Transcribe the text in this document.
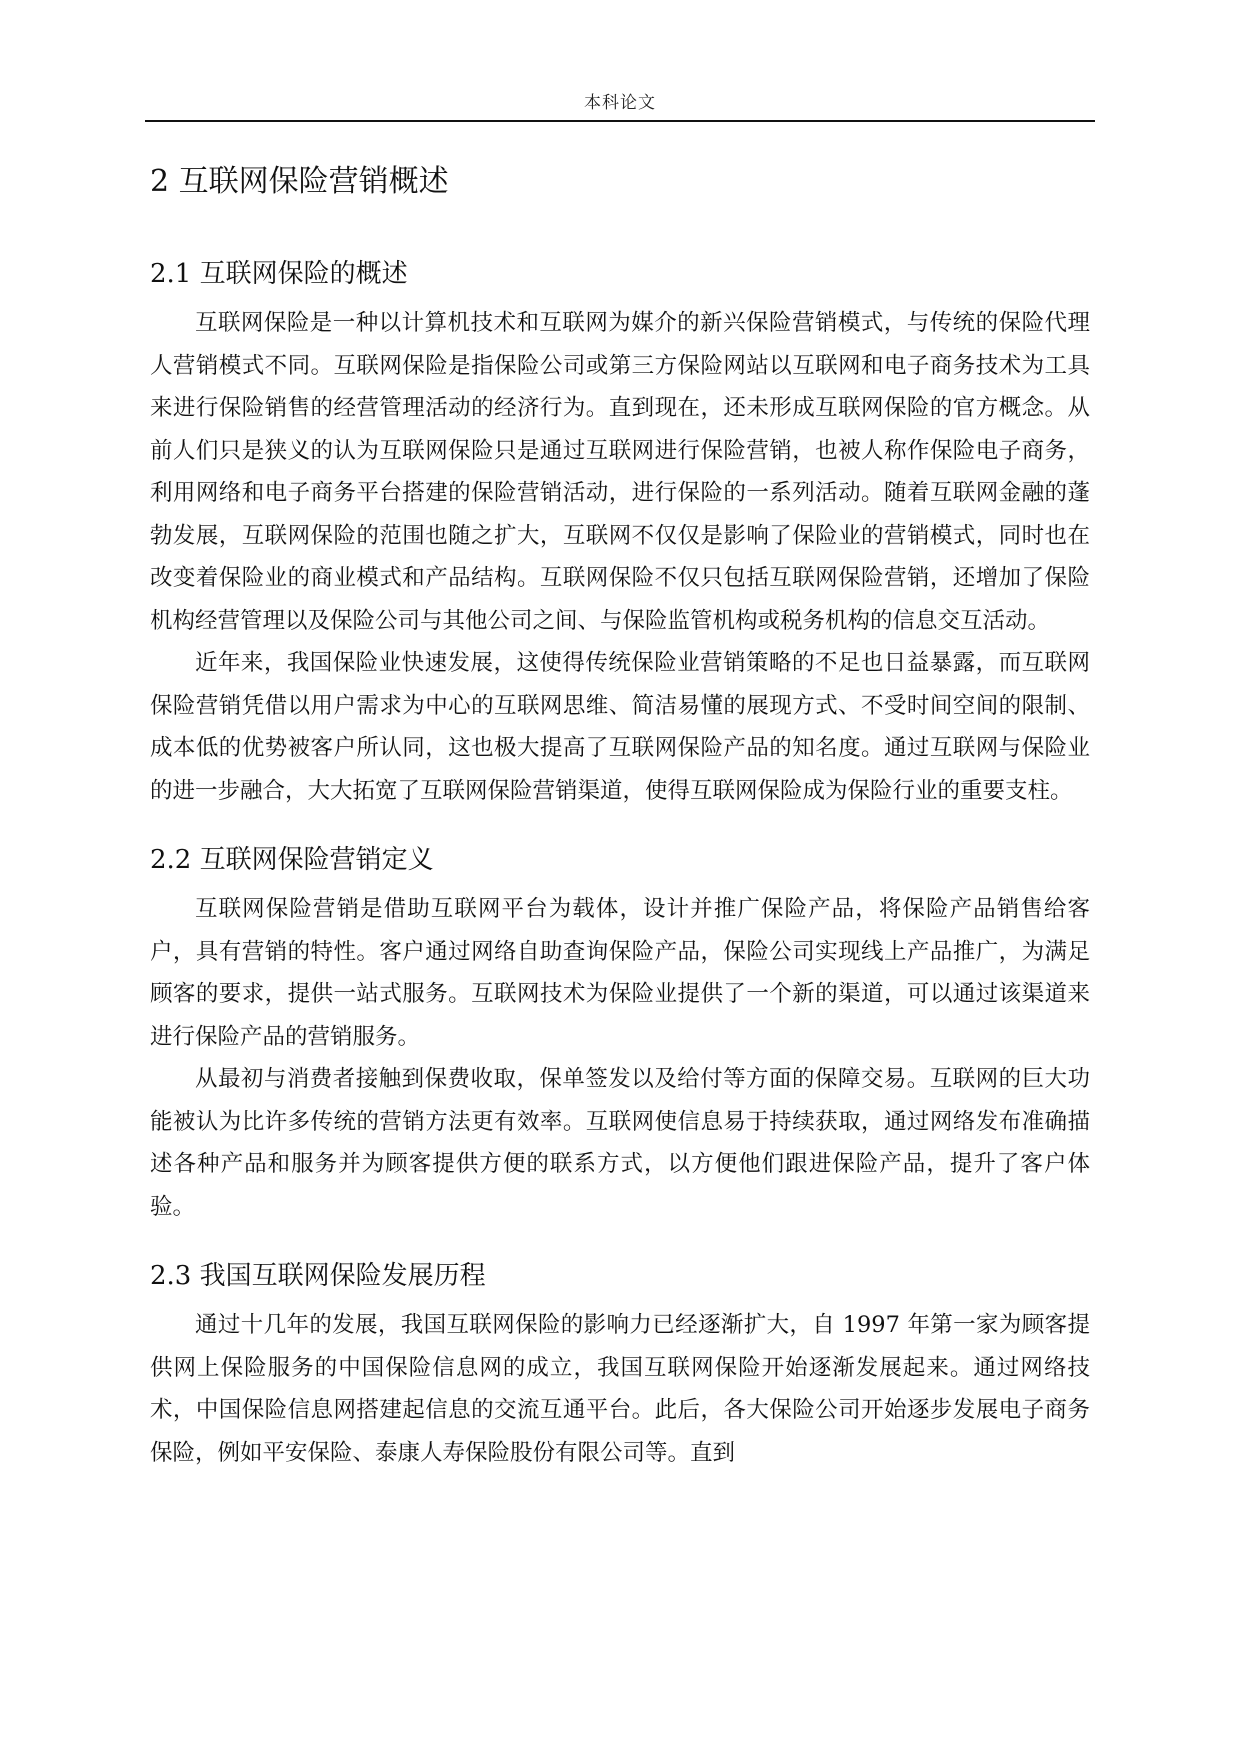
本科论文
2 互联网保险营销概述
2.1 互联网保险的概述

互联网保险是一种以计算机技术和互联网为媒介的新兴保险营销模式，与传统的保险代理人营销模式不同。互联网保险是指保险公司或第三方保险网站以互联网和电子商务技术为工具来进行保险销售的经营管理活动的经济行为。直到现在，还未形成互联网保险的官方概念。从前人们只是狭义的认为互联网保险只是通过互联网进行保险营销，也被人称作保险电子商务，利用网络和电子商务平台搭建的保险营销活动，进行保险的一系列活动。随着互联网金融的蓬勃发展，互联网保险的范围也随之扩大，互联网不仅仅是影响了保险业的营销模式，同时也在改变着保险业的商业模式和产品结构。互联网保险不仅只包括互联网保险营销，还增加了保险机构经营管理以及保险公司与其他公司之间、与保险监管机构或税务机构的信息交互活动。

近年来，我国保险业快速发展，这使得传统保险业营销策略的不足也日益暴露，而互联网保险营销凭借以用户需求为中心的互联网思维、简洁易懂的展现方式、不受时间空间的限制、成本低的优势被客户所认同，这也极大提高了互联网保险产品的知名度。通过互联网与保险业的进一步融合，大大拓宽了互联网保险营销渠道，使得互联网保险成为保险行业的重要支柱。

2.2 互联网保险营销定义

互联网保险营销是借助互联网平台为载体，设计并推广保险产品，将保险产品销售给客户，具有营销的特性。客户通过网络自助查询保险产品，保险公司实现线上产品推广，为满足顾客的要求，提供一站式服务。互联网技术为保险业提供了一个新的渠道，可以通过该渠道来进行保险产品的营销服务。

从最初与消费者接触到保费收取，保单签发以及给付等方面的保障交易。互联网的巨大功能被认为比许多传统的营销方法更有效率。互联网使信息易于持续获取，通过网络发布准确描述各种产品和服务并为顾客提供方便的联系方式，以方便他们跟进保险产品，提升了客户体验。

2.3 我国互联网保险发展历程

通过十几年的发展，我国互联网保险的影响力已经逐渐扩大，自 1997 年第一家为顾客提供网上保险服务的中国保险信息网的成立，我国互联网保险开始逐渐发展起来。通过网络技术，中国保险信息网搭建起信息的交流互通平台。此后，各大保险公司开始逐步发展电子商务保险，例如平安保险、泰康人寿保险股份有限公司等。直到
